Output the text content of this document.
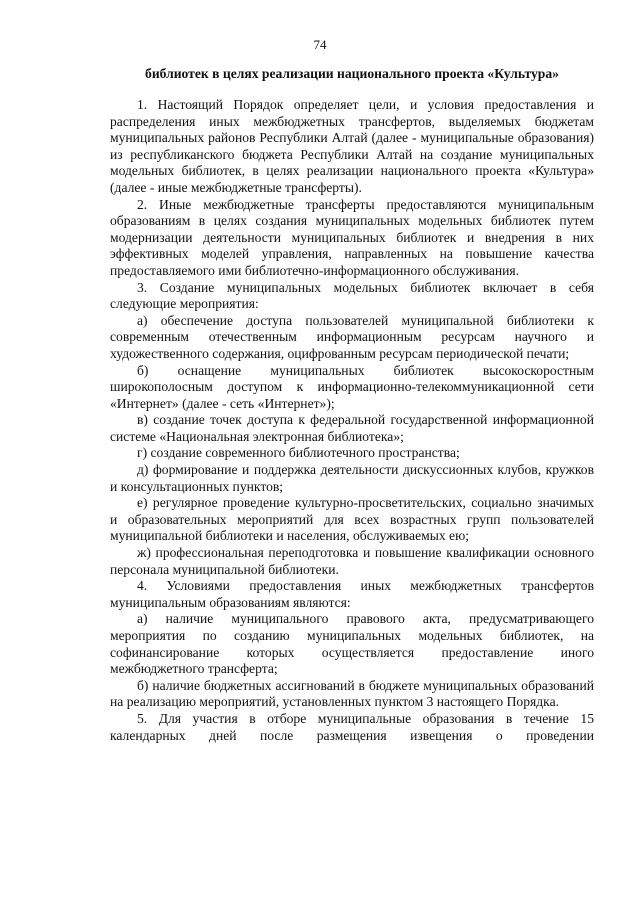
74
библиотек в целях реализации национального проекта «Культура»

1. Настоящий Порядок определяет цели, и условия предоставления и распределения иных межбюджетных трансфертов, выделяемых бюджетам муниципальных районов Республики Алтай (далее - муниципальные образования) из республиканского бюджета Республики Алтай на создание муниципальных модельных библиотек, в целях реализации национального проекта «Культура» (далее - иные межбюджетные трансферты).

2. Иные межбюджетные трансферты предоставляются муниципальным образованиям в целях создания муниципальных модельных библиотек путем модернизации деятельности муниципальных библиотек и внедрения в них эффективных моделей управления, направленных на повышение качества предоставляемого ими библиотечно-информационного обслуживания.

3. Создание муниципальных модельных библиотек включает в себя следующие мероприятия:

а) обеспечение доступа пользователей муниципальной библиотеки к современным отечественным информационным ресурсам научного и художественного содержания, оцифрованным ресурсам периодической печати;

б) оснащение муниципальных библиотек высокоскоростным широкополосным доступом к информационно-телекоммуникационной сети «Интернет» (далее - сеть «Интернет»);

в) создание точек доступа к федеральной государственной информационной системе «Национальная электронная библиотека»;

г) создание современного библиотечного пространства;

д) формирование и поддержка деятельности дискуссионных клубов, кружков и консультационных пунктов;

е) регулярное проведение культурно-просветительских, социально значимых и образовательных мероприятий для всех возрастных групп пользователей муниципальной библиотеки и населения, обслуживаемых ею;

ж) профессиональная переподготовка и повышение квалификации основного персонала муниципальной библиотеки.

4. Условиями предоставления иных межбюджетных трансфертов муниципальным образованиям являются:

а) наличие муниципального правового акта, предусматривающего мероприятия по созданию муниципальных модельных библиотек, на софинансирование которых осуществляется предоставление иного межбюджетного трансферта;

б) наличие бюджетных ассигнований в бюджете муниципальных образований на реализацию мероприятий, установленных пунктом 3 настоящего Порядка.

5. Для участия в отборе муниципальные образования в течение 15 календарных дней после размещения извещения о проведении
